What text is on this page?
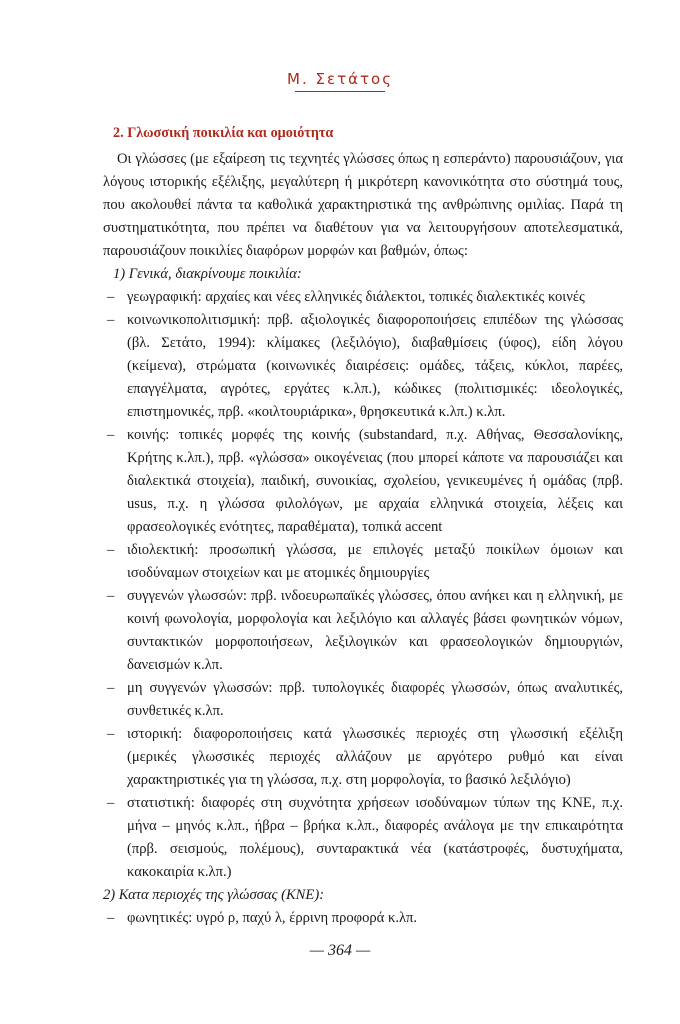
Μ. Σετάτος
2. Γλωσσική ποικιλία και ομοιότητα

Οι γλώσσες (με εξαίρεση τις τεχνητές γλώσσες όπως η εσπεράντο) παρουσιάζουν, για λόγους ιστορικής εξέλιξης, μεγαλύτερη ή μικρότερη κανονικότητα στο σύστημά τους, που ακολουθεί πάντα τα καθολικά χαρακτηριστικά της ανθρώπινης ομιλίας. Παρά τη συστηματικότητα, που πρέπει να διαθέτουν για να λειτουργήσουν αποτελεσματικά, παρουσιάζουν ποικιλίες διαφόρων μορφών και βαθμών, όπως:

1) Γενικά, διακρίνουμε ποικιλία:

– γεωγραφική: αρχαίες και νέες ελληνικές διάλεκτοι, τοπικές διαλεκτικές κοινές
– κοινωνικοπολιτισμική: πρβ. αξιολογικές διαφοροποιήσεις επιπέδων της γλώσσας (βλ. Σετάτο, 1994): κλίμακες (λεξιλόγιο), διαβαθμίσεις (ύφος), είδη λόγου (κείμενα), στρώματα (κοινωνικές διαιρέσεις: ομάδες, τάξεις, κύκλοι, παρέες, επαγγέλματα, αγρότες, εργάτες κ.λπ.), κώδικες (πολιτισμικές: ιδεολογικές, επιστημονικές, πρβ. «κοιλτουριάρικα», θρησκευτικά κ.λπ.) κ.λπ.
– κοινής: τοπικές μορφές της κοινής (substandard, π.χ. Αθήνας, Θεσσαλονίκης, Κρήτης κ.λπ.), πρβ. «γλώσσα» οικογένειας (που μπορεί κάποτε να παρουσιάζει και διαλεκτικά στοιχεία), παιδική, συνοικίας, σχολείου, γενικευμένες ή ομάδας (πρβ. usus, π.χ. η γλώσσα φιλολόγων, με αρχαία ελληνικά στοιχεία, λέξεις και φρασεολογικές ενότητες, παραθέματα), τοπικά accent
– ιδιολεκτική: προσωπική γλώσσα, με επιλογές μεταξύ ποικίλων όμοιων και ισοδύναμων στοιχείων και με ατομικές δημιουργίες
– συγγενών γλωσσών: πρβ. ινδοευρωπαϊκές γλώσσες, όπου ανήκει και η ελληνική, με κοινή φωνολογία, μορφολογία και λεξιλόγιο και αλλαγές βάσει φωνητικών νόμων, συντακτικών μορφοποιήσεων, λεξιλογικών και φρασεολογικών δημιουργιών, δανεισμών κ.λπ.
– μη συγγενών γλωσσών: πρβ. τυπολογικές διαφορές γλωσσών, όπως αναλυτικές, συνθετικές κ.λπ.
– ιστορική: διαφοροποιήσεις κατά γλωσσικές περιοχές στη γλωσσική εξέλιξη (μερικές γλωσσικές περιοχές αλλάζουν με αργότερο ρυθμό και είναι χαρακτηριστικές για τη γλώσσα, π.χ. στη μορφολογία, το βασικό λεξιλόγιο)
– στατιστική: διαφορές στη συχνότητα χρήσεων ισοδύναμων τύπων της ΚΝΕ, π.χ. μήνα – μηνός κ.λπ., ήβρα – βρήκα κ.λπ., διαφορές ανάλογα με την επικαιρότητα (πρβ. σεισμούς, πολέμους), συνταρακτικά νέα (κατάστροφές, δυστυχήματα, κακοκαιρία κ.λπ.)

2) Κατα περιοχές της γλώσσας (ΚΝΕ):

– φωνητικές: υγρό ρ, παχύ λ, έρρινη προφορά κ.λπ.
— 364 —
